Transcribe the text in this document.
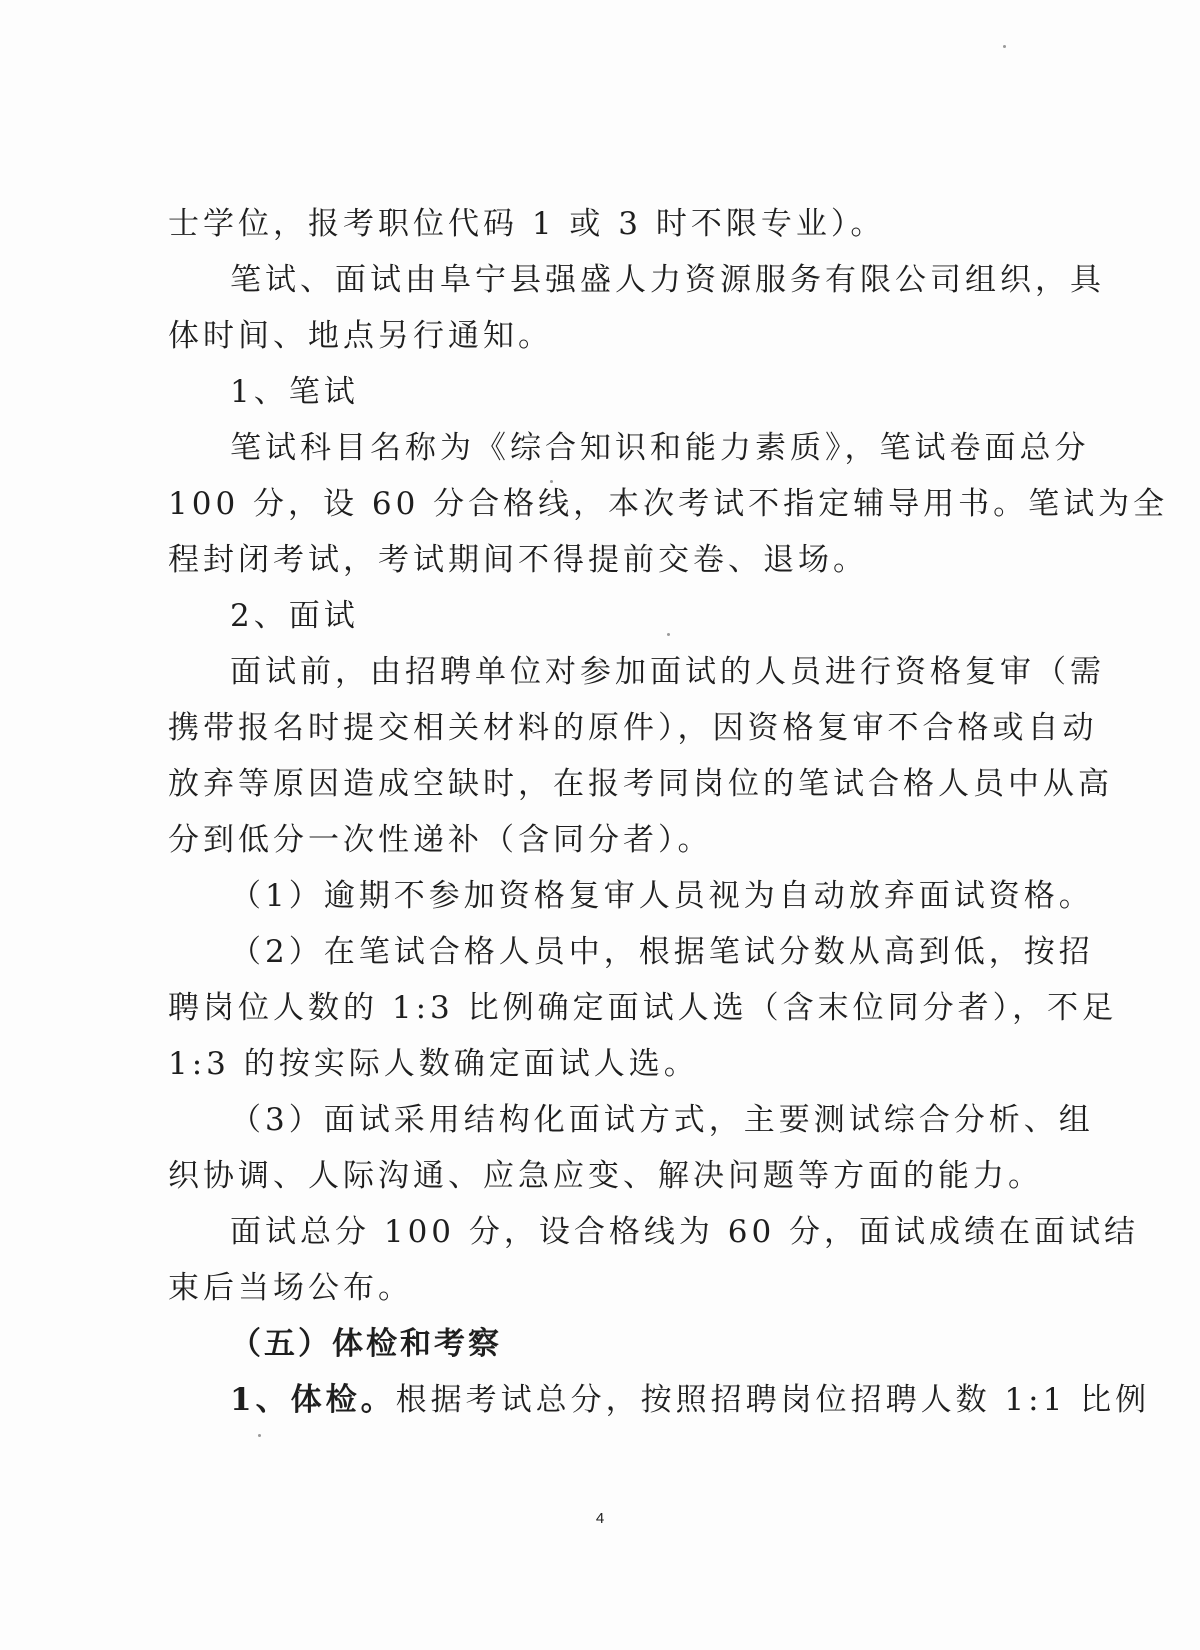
士学位，报考职位代码 1 或 3 时不限专业）。
笔试、面试由阜宁县强盛人力资源服务有限公司组织，具
体时间、地点另行通知。
1、笔试
笔试科目名称为《综合知识和能力素质》，笔试卷面总分
100 分，设 60 分合格线，本次考试不指定辅导用书。笔试为全
程封闭考试，考试期间不得提前交卷、退场。
2、面试
面试前，由招聘单位对参加面试的人员进行资格复审（需
携带报名时提交相关材料的原件），因资格复审不合格或自动
放弃等原因造成空缺时，在报考同岗位的笔试合格人员中从高
分到低分一次性递补（含同分者）。
（1）逾期不参加资格复审人员视为自动放弃面试资格。
（2）在笔试合格人员中，根据笔试分数从高到低，按招
聘岗位人数的 1:3 比例确定面试人选（含末位同分者），不足
1:3 的按实际人数确定面试人选。
（3）面试采用结构化面试方式，主要测试综合分析、组
织协调、人际沟通、应急应变、解决问题等方面的能力。
面试总分 100 分，设合格线为 60 分，面试成绩在面试结
束后当场公布。
（五）体检和考察
1、体检。根据考试总分，按照招聘岗位招聘人数 1:1 比例
4
